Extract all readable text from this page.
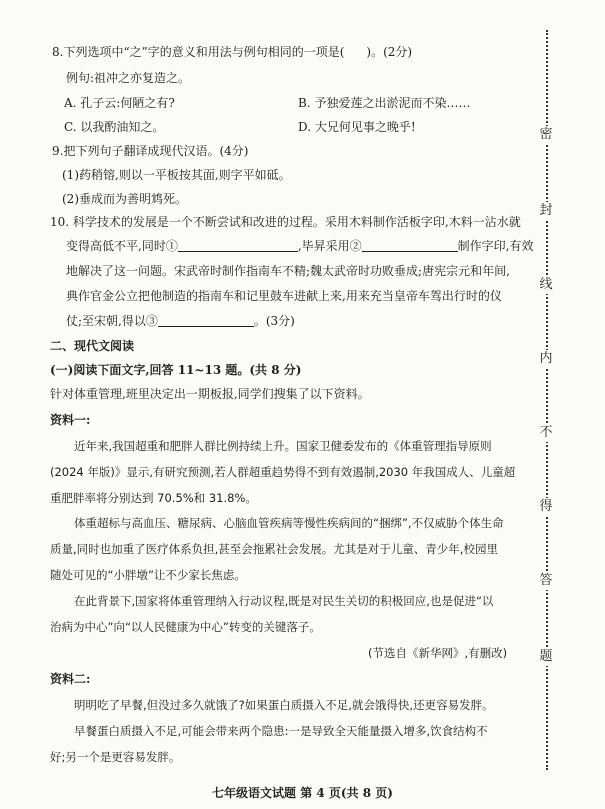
8.下列选项中“之”字的意义和用法与例句相同的一项是( )。(2分)
例句:祖冲之亦复造之。
A. 孔子云:何陋之有?	B. 予独爱莲之出淤泥而不染……
C. 以我酌油知之。	D. 大兄何见事之晚乎!
9.把下列句子翻译成现代汉语。(4分)
(1)药稍镕,则以一平板按其面,则字平如砥。
(2)垂成而为善明鸩死。
10. 科学技术的发展是一个不断尝试和改进的过程。采用木料制作活板字印,木料一沾水就
变得高低不平,同时①	,毕昇采用②	制作字印,有效
地解决了这一问题。宋武帝时制作指南车不精;魏太武帝时功败垂成;唐宪宗元和年间,
典作官金公立把他制造的指南车和记里鼓车进献上来,用来充当皇帝车驾出行时的仪
仗;至宋朝,得以③	。(3分)
二、现代文阅读
(一)阅读下面文字,回答 11~13 题。(共 8 分)
针对体重管理,班里决定出一期板报,同学们搜集了以下资料。
资料一:
近年来,我国超重和肥胖人群比例持续上升。国家卫健委发布的《体重管理指导原则
(2024 年版)》显示,有研究预测,若人群超重趋势得不到有效遏制,2030 年我国成人、儿童超
重肥胖率将分别达到 70.5%和 31.8%。
体重超标与高血压、糖尿病、心脑血管疾病等慢性疾病间的“捆绑”,不仅威胁个体生命
质量,同时也加重了医疗体系负担,甚至会拖累社会发展。尤其是对于儿童、青少年,校园里
随处可见的“小胖墩”让不少家长焦虑。
在此背景下,国家将体重管理纳入行动议程,既是对民生关切的积极回应,也是促进“以
治病为中心”向“以人民健康为中心”转变的关键落子。
(节选自《新华网》,有删改)
资料二:
明明吃了早餐,但没过多久就饿了?如果蛋白质摄入不足,就会饿得快,还更容易发胖。
早餐蛋白质摄入不足,可能会带来两个隐患:一是导致全天能量摄入增多,饮食结构不
好;另一个是更容易发胖。
密
封
线
内
不
得
答
题
七年级语文试题 第 4 页(共 8 页)
